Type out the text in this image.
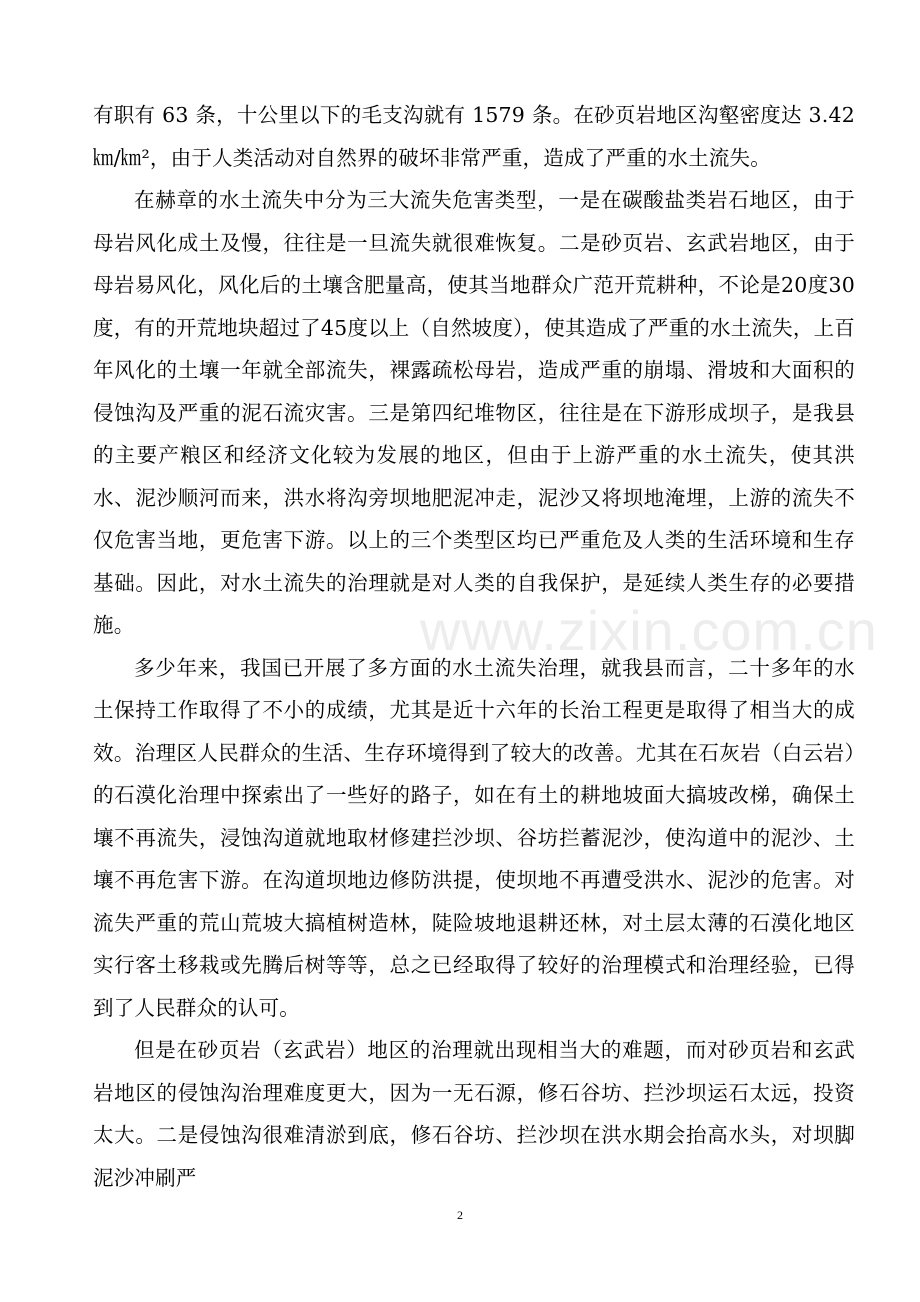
有职有 63 条，十公里以下的毛支沟就有 1579 条。在砂页岩地区沟壑密度达 3.42㎞/㎞²，由于人类活动对自然界的破坏非常严重，造成了严重的水土流失。

在赫章的水土流失中分为三大流失危害类型，一是在碳酸盐类岩石地区，由于母岩风化成土及慢，往往是一旦流失就很难恢复。二是砂页岩、玄武岩地区，由于母岩易风化，风化后的土壤含肥量高，使其当地群众广范开荒耕种，不论是20度30度，有的开荒地块超过了45度以上（自然坡度），使其造成了严重的水土流失，上百年风化的土壤一年就全部流失，裸露疏松母岩，造成严重的崩塌、滑坡和大面积的侵蚀沟及严重的泥石流灾害。三是第四纪堆物区，往往是在下游形成坝子，是我县的主要产粮区和经济文化较为发展的地区，但由于上游严重的水土流失，使其洪水、泥沙顺河而来，洪水将沟旁坝地肥泥冲走，泥沙又将坝地淹埋，上游的流失不仅危害当地，更危害下游。以上的三个类型区均已严重危及人类的生活环境和生存基础。因此，对水土流失的治理就是对人类的自我保护，是延续人类生存的必要措施。

多少年来，我国已开展了多方面的水土流失治理，就我县而言，二十多年的水土保持工作取得了不小的成绩，尤其是近十六年的长治工程更是取得了相当大的成效。治理区人民群众的生活、生存环境得到了较大的改善。尤其在石灰岩（白云岩）的石漠化治理中探索出了一些好的路子，如在有土的耕地坡面大搞坡改梯，确保土壤不再流失，浸蚀沟道就地取材修建拦沙坝、谷坊拦蓄泥沙，使沟道中的泥沙、土壤不再危害下游。在沟道坝地边修防洪提，使坝地不再遭受洪水、泥沙的危害。对流失严重的荒山荒坡大搞植树造林，陡险坡地退耕还林，对土层太薄的石漠化地区实行客土移栽或先腾后树等等，总之已经取得了较好的治理模式和治理经验，已得到了人民群众的认可。

但是在砂页岩（玄武岩）地区的治理就出现相当大的难题，而对砂页岩和玄武岩地区的侵蚀沟治理难度更大，因为一无石源，修石谷坊、拦沙坝运石太远，投资太大。二是侵蚀沟很难清淤到底，修石谷坊、拦沙坝在洪水期会抬高水头，对坝脚泥沙冲刷严

www.zixin.com.cn
2
